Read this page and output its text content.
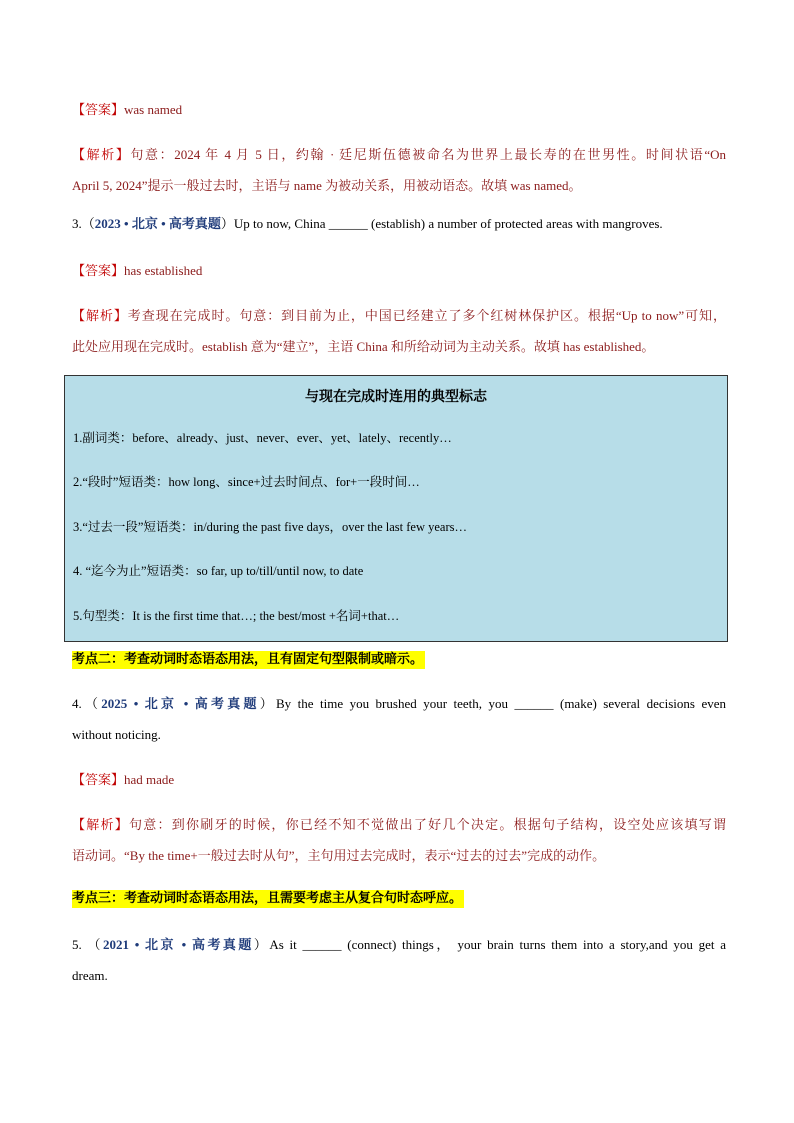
【答案】was named
【解析】句意：2024 年 4 月 5 日，约翰 · 廷尼斯伍德被命名为世界上最长寿的在世男性。时间状语“On
April 5, 2024”提示一般过去时，主语与 name 为被动关系，用被动语态。故填 was named。
3.（2023 • 北京 • 高考真题）Up to now, China ______ (establish) a number of protected areas with mangroves.
【答案】has established
【解析】考查现在完成时。句意：到目前为止，中国已经建立了多个红树林保护区。根据“Up to now”可知，
此处应用现在完成时。establish 意为“建立”，主语 China 和所给动词为主动关系。故填 has established。
与现在完成时连用的典型标志
1.副词类：before、already、just、never、ever、yet、lately、recently…
2.“段时”短语类：how long、since+过去时间点、for+一段时间…
3.“过去一段”短语类：in/during the past five days，over the last few years…
4. “迄今为止”短语类：so far, up to/till/until now, to date
5.句型类：It is the first time that…; the best/most +名词+that…
考点二：考查动词时态语态用法，且有固定句型限制或暗示。
4.（2025 • 北京 • 高考真题）By the time you brushed your teeth, you ______ (make) several decisions even
without noticing.
【答案】had made
【解析】句意：到你刷牙的时候，你已经不知不觉做出了好几个决定。根据句子结构，设空处应该填写谓
语动词。“By the time+一般过去时从句”，主句用过去完成时，表示“过去的过去”完成的动作。
考点三：考查动词时态语态用法，且需要考虑主从复合句时态呼应。
5. （2021 • 北京 • 高考真题）As it ______ (connect) things， your brain turns them into a story,and you get a
dream.
